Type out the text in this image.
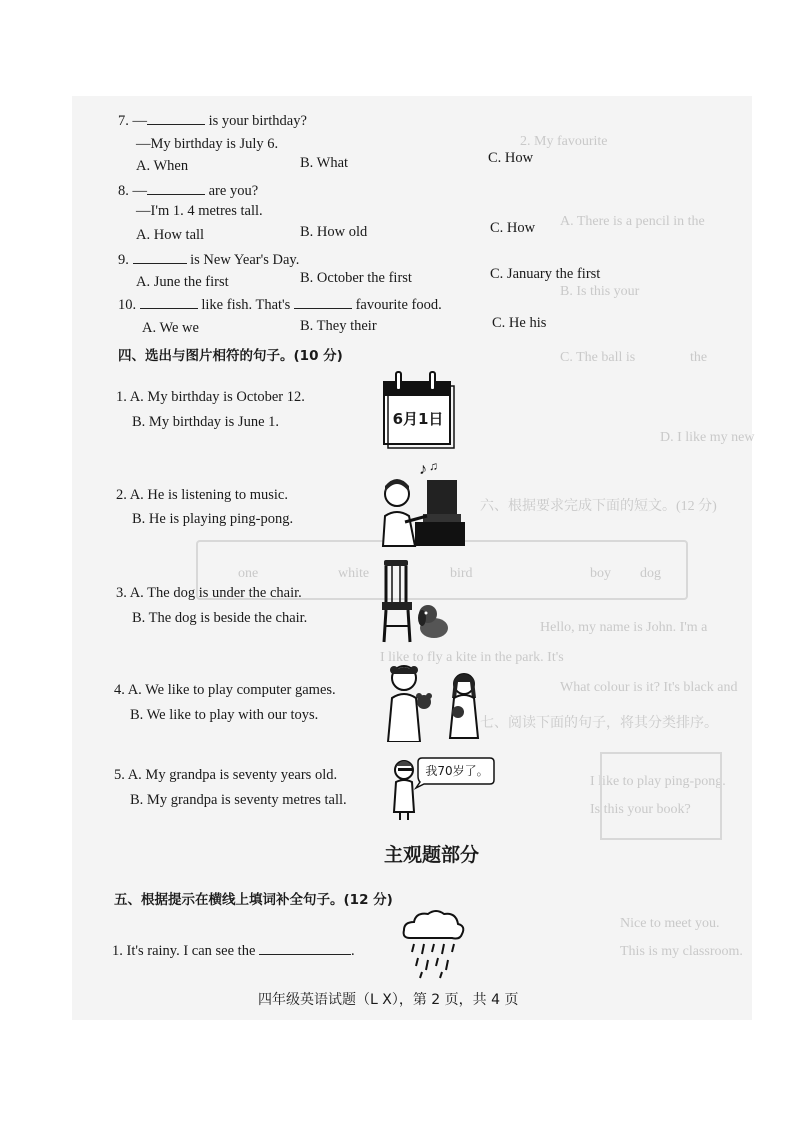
2. My favourite
A. There is a pencil in the
B. Is this your
C. The ball is	the
D. I like my new
六、根据要求完成下面的短文。(12 分)
dog
boy
bird
white
one
Hello, my name is John. I'm a
I like to fly a kite in the park. It's
What colour is it? It's black and
七、阅读下面的句子，将其分类排序。
I like to play ping-pong.
Is this your book?
Nice to meet you.
This is my classroom.
7. —	is your birthday?
—My birthday is July 6.
A. When	B. What	C. How
8. —	are you?
—I'm 1. 4 metres tall.
A. How tall	B. How old	C. How
9.	is New Year's Day.
A. June the first	B. October the first	C. January the first
10.	like fish. That's	favourite food.
A. We we	B. They their	C. He his
四、选出与图片相符的句子。(10 分)
1. A. My birthday is October 12.
B. My birthday is June 1.	6月1日
2. A. He is listening to music.
B. He is playing ping-pong.
♪ ♫
3. A. The dog is under the chair.
B. The dog is beside the chair.
4. A. We like to play computer games.
B. We like to play with our toys.
5. A. My grandpa is seventy years old.
B. My grandpa is seventy metres tall.
我70岁了。
主观题部分
五、根据提示在横线上填词补全句子。(12 分)
1. It's rainy. I can see the	.
四年级英语试题（L X），第 2 页，共 4 页
